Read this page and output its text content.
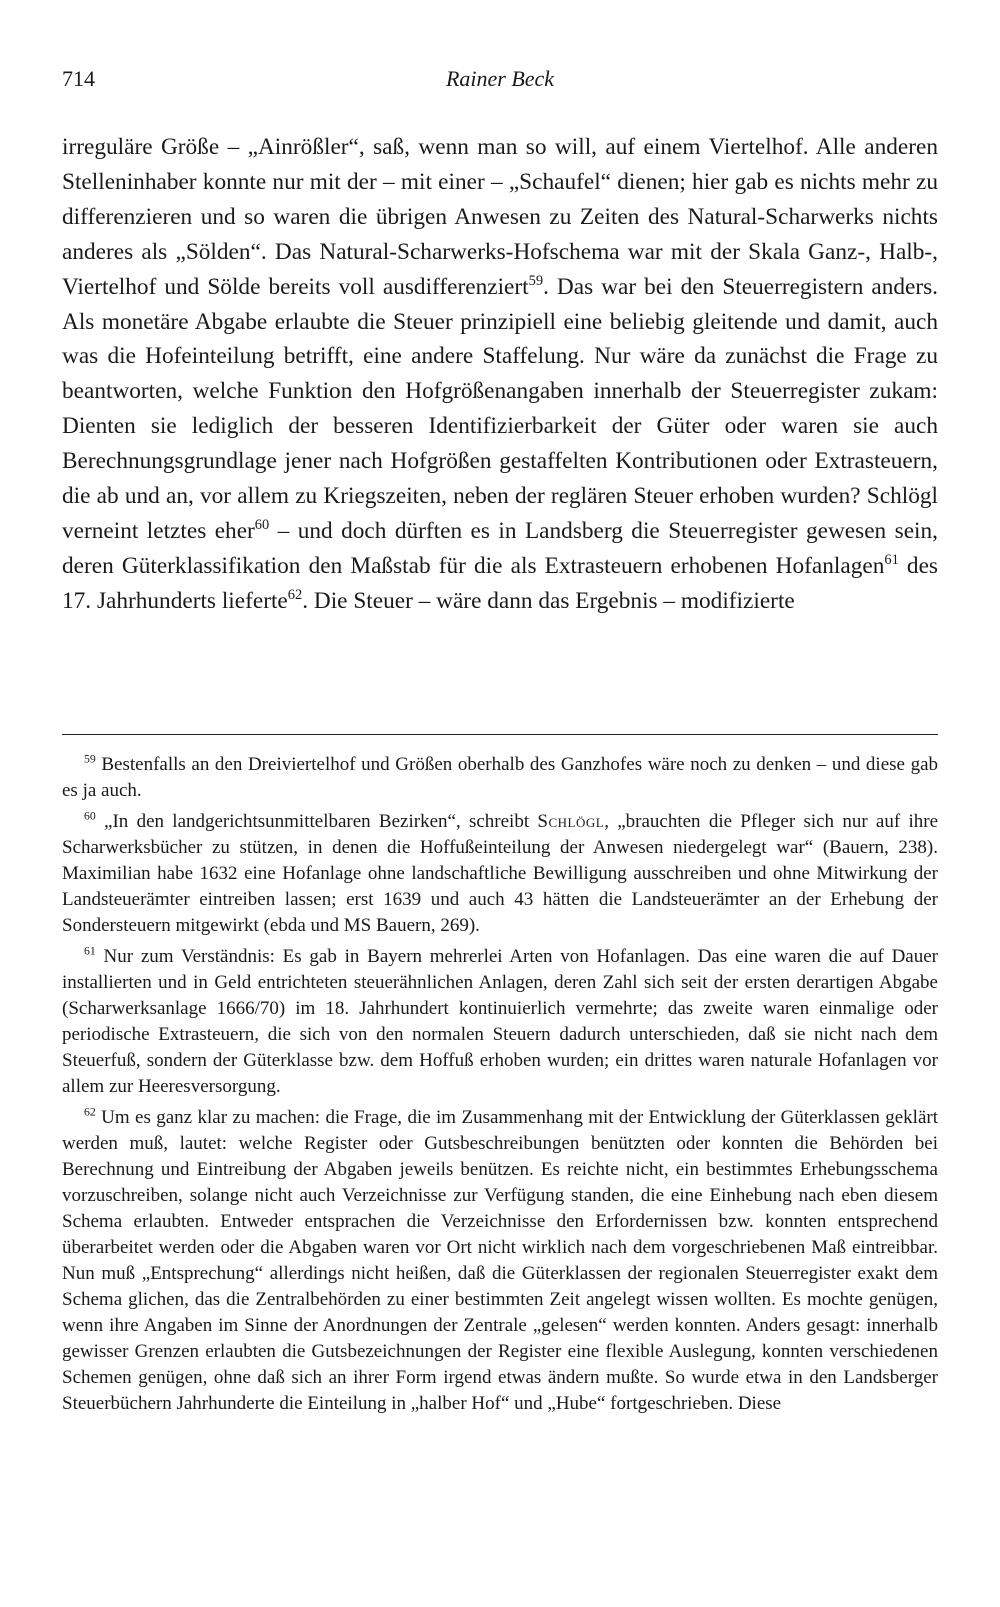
714	Rainer Beck

irreguläre Größe – „Ainrößler“, saß, wenn man so will, auf einem Viertelhof. Alle anderen Stelleninhaber konnte nur mit der – mit einer – „Schaufel“ dienen; hier gab es nichts mehr zu differenzieren und so waren die übrigen Anwesen zu Zeiten des Natural-Scharwerks nichts anderes als „Sölden“. Das Natural-Scharwerks-Hofschema war mit der Skala Ganz-, Halb-, Viertelhof und Sölde bereits voll ausdifferenziert$^{59}$. Das war bei den Steuerregistern anders. Als monetäre Abgabe erlaubte die Steuer prinzipiell eine beliebig gleitende und damit, auch was die Hofeinteilung betrifft, eine andere Staffelung. Nur wäre da zunächst die Frage zu beantworten, welche Funktion den Hofgrößenangaben innerhalb der Steuerregister zukam: Dienten sie lediglich der besseren Identifizierbarkeit der Güter oder waren sie auch Berechnungsgrundlage jener nach Hofgrößen gestaffelten Kontributionen oder Extrasteuern, die ab und an, vor allem zu Kriegszeiten, neben der reglären Steuer erhoben wurden? Schlögl verneint letztes eher$^{60}$ – und doch dürften es in Landsberg die Steuerregister gewesen sein, deren Güterklassifikation den Maßstab für die als Extrasteuern erhobenen Hofanlagen$^{61}$ des 17. Jahrhunderts lieferte$^{62}$. Die Steuer – wäre dann das Ergebnis – modifizierte

$^{59}$ Bestenfalls an den Dreiviertelhof und Größen oberhalb des Ganzhofes wäre noch zu denken – und diese gab es ja auch.

$^{60}$ „In den landgerichtsunmittelbaren Bezirken“, schreibt Schlögl, „brauchten die Pfleger sich nur auf ihre Scharwerksbücher zu stützen, in denen die Hoffußeinteilung der Anwesen niedergelegt war“ (Bauern, 238). Maximilian habe 1632 eine Hofanlage ohne landschaftliche Bewilligung ausschreiben und ohne Mitwirkung der Landsteuerämter eintreiben lassen; erst 1639 und auch 43 hätten die Landsteuerämter an der Erhebung der Sondersteuern mitgewirkt (ebda und MS Bauern, 269).

$^{61}$ Nur zum Verständnis: Es gab in Bayern mehrerlei Arten von Hofanlagen. Das eine waren die auf Dauer installierten und in Geld entrichteten steuerähnlichen Anlagen, deren Zahl sich seit der ersten derartigen Abgabe (Scharwerksanlage 1666/70) im 18. Jahrhundert kontinuierlich vermehrte; das zweite waren einmalige oder periodische Extrasteuern, die sich von den normalen Steuern dadurch unterschieden, daß sie nicht nach dem Steuerfuß, sondern der Güterklasse bzw. dem Hoffuß erhoben wurden; ein drittes waren naturale Hofanlagen vor allem zur Heeresversorgung.

$^{62}$ Um es ganz klar zu machen: die Frage, die im Zusammenhang mit der Entwicklung der Güterklassen geklärt werden muß, lautet: welche Register oder Gutsbeschreibungen benützten oder konnten die Behörden bei Berechnung und Eintreibung der Abgaben jeweils benützen. Es reichte nicht, ein bestimmtes Erhebungsschema vorzuschreiben, solange nicht auch Verzeichnisse zur Verfügung standen, die eine Einhebung nach eben diesem Schema erlaubten. Entweder entsprachen die Verzeichnisse den Erfordernissen bzw. konnten entsprechend überarbeitet werden oder die Abgaben waren vor Ort nicht wirklich nach dem vorgeschriebenen Maß eintreibbar. Nun muß „Entsprechung“ allerdings nicht heißen, daß die Güterklassen der regionalen Steuerregister exakt dem Schema glichen, das die Zentralbehörden zu einer bestimmten Zeit angelegt wissen wollten. Es mochte genügen, wenn ihre Angaben im Sinne der Anordnungen der Zentrale „gelesen“ werden konnten. Anders gesagt: innerhalb gewisser Grenzen erlaubten die Gutsbezeichnungen der Register eine flexible Auslegung, konnten verschiedenen Schemen genügen, ohne daß sich an ihrer Form irgend etwas ändern mußte. So wurde etwa in den Landsberger Steuerbüchern Jahrhunderte die Einteilung in „halber Hof“ und „Hube“ fortgeschrieben. Diese
